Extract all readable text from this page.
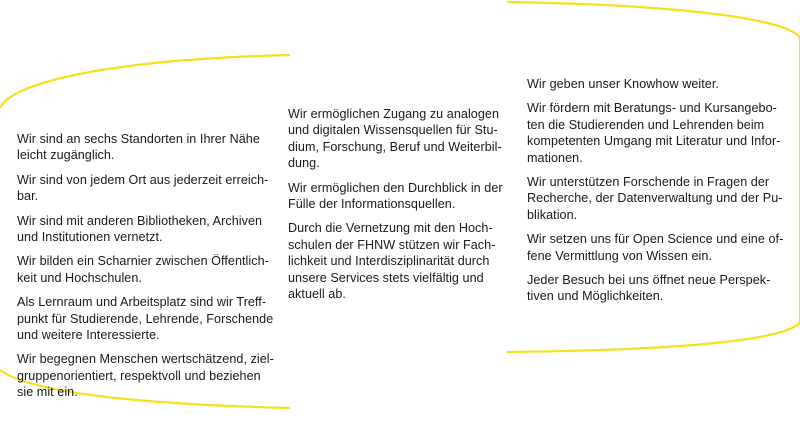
Wir sind an sechs Standorten in Ihrer Nähe leicht zugänglich.

Wir sind von jedem Ort aus jederzeit erreich-bar.

Wir sind mit anderen Bibliotheken, Archiven und Institutionen vernetzt.

Wir bilden ein Scharnier zwischen Öffentlich-keit und Hochschulen.

Als Lernraum und Arbeitsplatz sind wir Treff-punkt für Studierende, Lehrende, Forschende und weitere Interessierte.

Wir begegnen Menschen wertschätzend, ziel-gruppenorientiert, respektvoll und beziehen sie mit ein.

Wir ermöglichen Zugang zu analogen und digitalen Wissensquellen für Stu-dium, Forschung, Beruf und Weiterbil-dung.

Wir ermöglichen den Durchblick in der Fülle der Informationsquellen.

Durch die Vernetzung mit den Hoch-schulen der FHNW stützen wir Fach-lichkeit und Interdisziplinarität durch unsere Services stets vielfältig und aktuell ab.

Wir geben unser Knowhow weiter.

Wir fördern mit Beratungs- und Kursangebo-ten die Studierenden und Lehrenden beim kompetenten Umgang mit Literatur und Infor-mationen.

Wir unterstützen Forschende in Fragen der Recherche, der Datenverwaltung und der Pu-blikation.

Wir setzen uns für Open Science und eine of-fene Vermittlung von Wissen ein.

Jeder Besuch bei uns öffnet neue Perspek-tiven und Möglichkeiten.
